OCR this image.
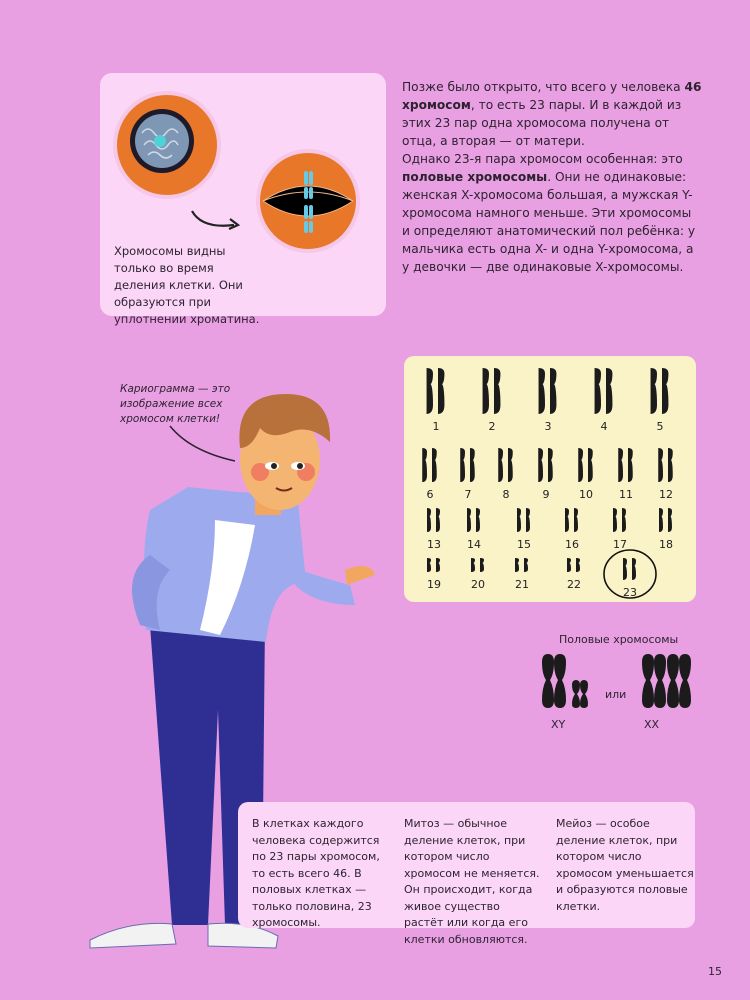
Хромосомы видны только во время деления клетки. Они образуются при уплотнении хроматина.

Позже было открыто, что всего у человека 46 хромосом, то есть 23 пары. И в каждой из этих 23 пар одна хромосома получена от отца, а вторая — от матери.

Однако 23-я пара хромосом особенная: это половые хромосомы. Они не одинаковые: женская X-хромосома большая, а мужская Y-хромосома намного меньше. Эти хромосомы и определяют анатомический пол ребёнка: у мальчика есть одна X- и одна Y-хромосома, а у девочки — две одинаковые X-хромосомы.

Кариограмма — это изображение всех хромосом клетки!
1	2	3	4	5
6	7	8	9	10 11 12
13 14	15	16	17	18
19	20	21	22
23
Половые хромосомы
или
XY	XX
В клетках каждого человека содержится по 23 пары хромосом, то есть всего 46. В половых клетках — только половина, 23 хромосомы.
Митоз — обычное деление клеток, при котором число хромосом не меняется. Он происходит, когда живое существо растёт или когда его клетки обновляются.
Мейоз — особое деление клеток, при котором число хромосом уменьшается и образуются половые клетки.
15
